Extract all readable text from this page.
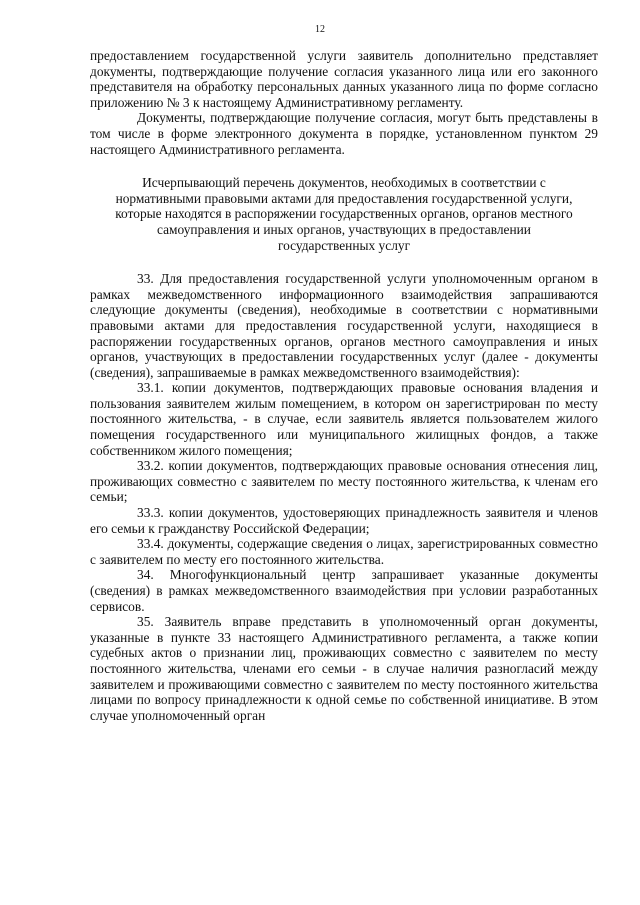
12

предоставлением государственной услуги заявитель дополнительно представляет документы, подтверждающие получение согласия указанного лица или его законного представителя на обработку персональных данных указанного лица по форме согласно приложению № 3 к настоящему Административному регламенту.

Документы, подтверждающие получение согласия, могут быть представлены в том числе в форме электронного документа в порядке, установленном пунктом 29 настоящего Административного регламента.

Исчерпывающий перечень документов, необходимых в соответствии с
нормативными правовыми актами для предоставления государственной услуги,
которые находятся в распоряжении государственных органов, органов местного
самоуправления и иных органов, участвующих в предоставлении
государственных услуг

33. Для предоставления государственной услуги уполномоченным органом в рамках межведомственного информационного взаимодействия запрашиваются следующие документы (сведения), необходимые в соответствии с нормативными правовыми актами для предоставления государственной услуги, находящиеся в распоряжении государственных органов, органов местного самоуправления и иных органов, участвующих в предоставлении государственных услуг (далее - документы (сведения), запрашиваемые в рамках межведомственного взаимодействия):

33.1. копии документов, подтверждающих правовые основания владения и пользования заявителем жилым помещением, в котором он зарегистрирован по месту постоянного жительства, - в случае, если заявитель является пользователем жилого помещения государственного или муниципального жилищных фондов, а также собственником жилого помещения;

33.2. копии документов, подтверждающих правовые основания отнесения лиц, проживающих совместно с заявителем по месту постоянного жительства, к членам его семьи;

33.3. копии документов, удостоверяющих принадлежность заявителя и членов его семьи к гражданству Российской Федерации;

33.4. документы, содержащие сведения о лицах, зарегистрированных совместно с заявителем по месту его постоянного жительства.

34. Многофункциональный центр запрашивает указанные документы (сведения) в рамках межведомственного взаимодействия при условии разработанных сервисов.

35. Заявитель вправе представить в уполномоченный орган документы, указанные в пункте 33 настоящего Административного регламента, а также копии судебных актов о признании лиц, проживающих совместно с заявителем по месту постоянного жительства, членами его семьи - в случае наличия разногласий между заявителем и проживающими совместно с заявителем по месту постоянного жительства лицами по вопросу принадлежности к одной семье по собственной инициативе. В этом случае уполномоченный орган
